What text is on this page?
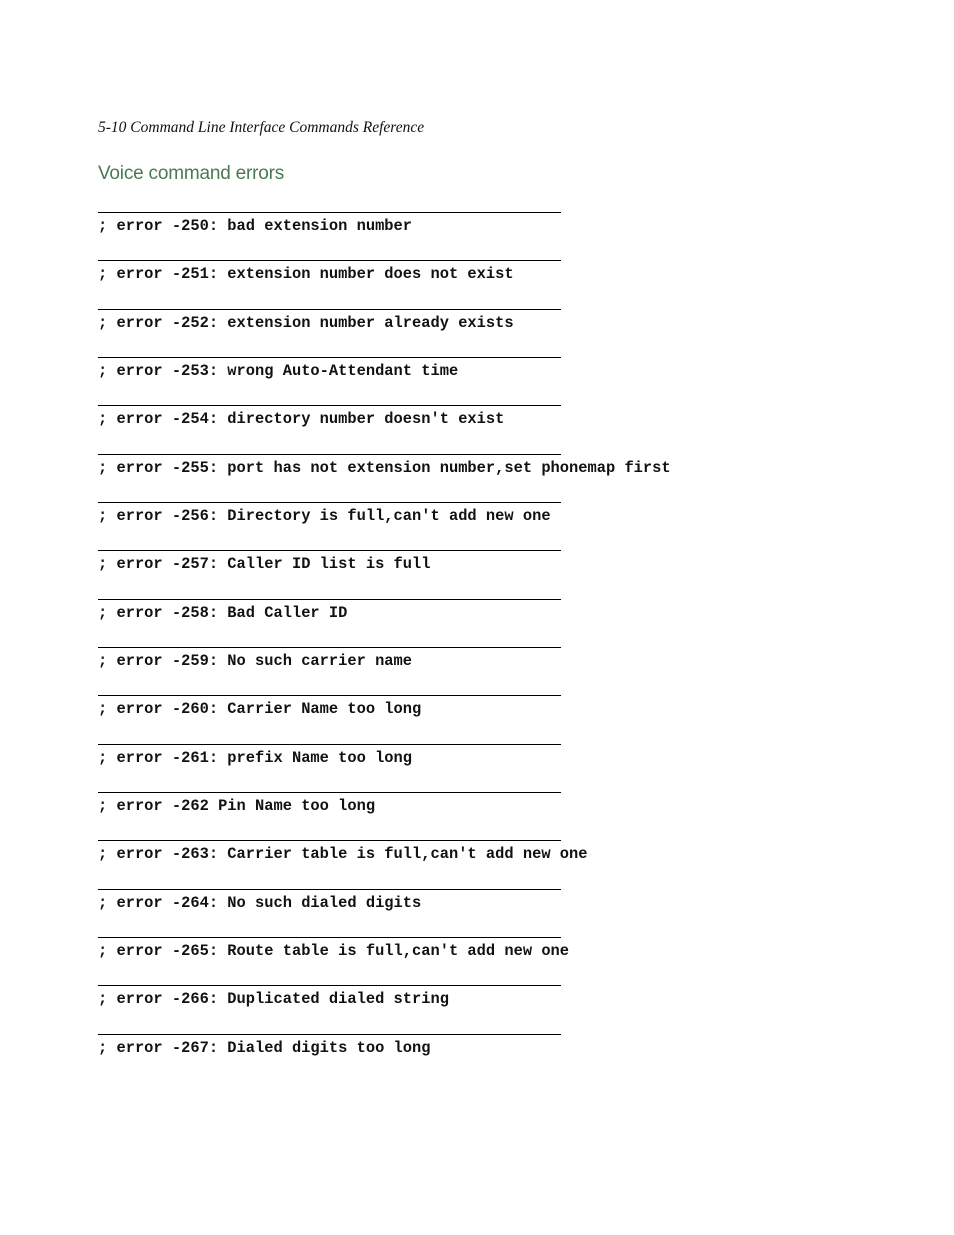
5-10 Command Line Interface Commands Reference
Voice command errors
; error -250: bad extension number
; error -251: extension number does not exist
; error -252: extension number already exists
; error -253: wrong Auto-Attendant time
; error -254: directory number doesn't exist
; error -255: port has not extension number,set phonemap first
; error -256: Directory is full,can't add new one
; error -257: Caller ID list is full
; error -258: Bad Caller ID
; error -259: No such carrier name
; error -260: Carrier Name too long
; error -261: prefix Name too long
; error -262 Pin Name too long
; error -263: Carrier table is full,can't add new one
; error -264: No such dialed digits
; error -265: Route table is full,can't add new one
; error -266: Duplicated dialed string
; error -267: Dialed digits too long
